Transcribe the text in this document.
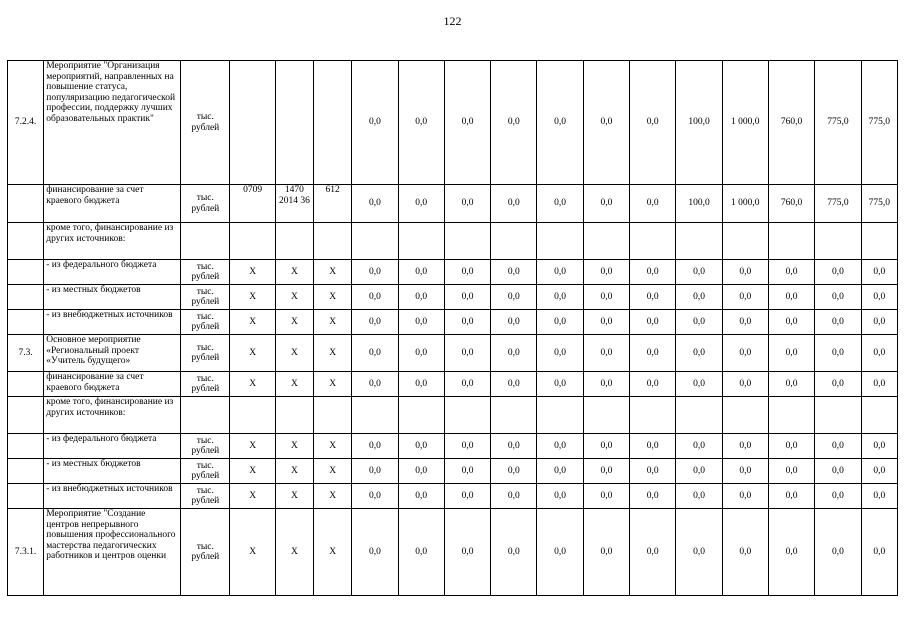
122
7.2.4.	Мероприятие "Организация мероприятий, направленных на повышение статуса, популяризацию педагогической профессии, поддержку лучших образовательных практик"	тыс. рублей				0,0	0,0	0,0	0,0	0,0	0,0	0,0	100,0	1 000,0	760,0	775,0	775,0
	финансирование за счет краевого бюджета	тыс. рублей	0709	1470 2014 36	612	0,0	0,0	0,0	0,0	0,0	0,0	0,0	100,0	1 000,0	760,0	775,0	775,0
	кроме того, финансирование из других источников:																
	- из федерального бюджета	тыс. рублей	X	X	X	0,0	0,0	0,0	0,0	0,0	0,0	0,0	0,0	0,0	0,0	0,0	0,0
	- из местных бюджетов	тыс. рублей	X	X	X	0,0	0,0	0,0	0,0	0,0	0,0	0,0	0,0	0,0	0,0	0,0	0,0
	- из внебюджетных источников	тыс. рублей	X	X	X	0,0	0,0	0,0	0,0	0,0	0,0	0,0	0,0	0,0	0,0	0,0	0,0
7.3.	Основное мероприятие «Региональный проект «Учитель будущего»	тыс. рублей	X	X	X	0,0	0,0	0,0	0,0	0,0	0,0	0,0	0,0	0,0	0,0	0,0	0,0
	финансирование за счет краевого бюджета	тыс. рублей	X	X	X	0,0	0,0	0,0	0,0	0,0	0,0	0,0	0,0	0,0	0,0	0,0	0,0
	кроме того, финансирование из других источников:																
	- из федерального бюджета	тыс. рублей	X	X	X	0,0	0,0	0,0	0,0	0,0	0,0	0,0	0,0	0,0	0,0	0,0	0,0
	- из местных бюджетов	тыс. рублей	X	X	X	0,0	0,0	0,0	0,0	0,0	0,0	0,0	0,0	0,0	0,0	0,0	0,0
	- из внебюджетных источников	тыс. рублей	X	X	X	0,0	0,0	0,0	0,0	0,0	0,0	0,0	0,0	0,0	0,0	0,0	0,0
7.3.1.	Мероприятие "Создание центров непрерывного повышения профессионального мастерства педагогических работников и центров оценки	тыс. рублей	X	X	X	0,0	0,0	0,0	0,0	0,0	0,0	0,0	0,0	0,0	0,0	0,0	0,0
